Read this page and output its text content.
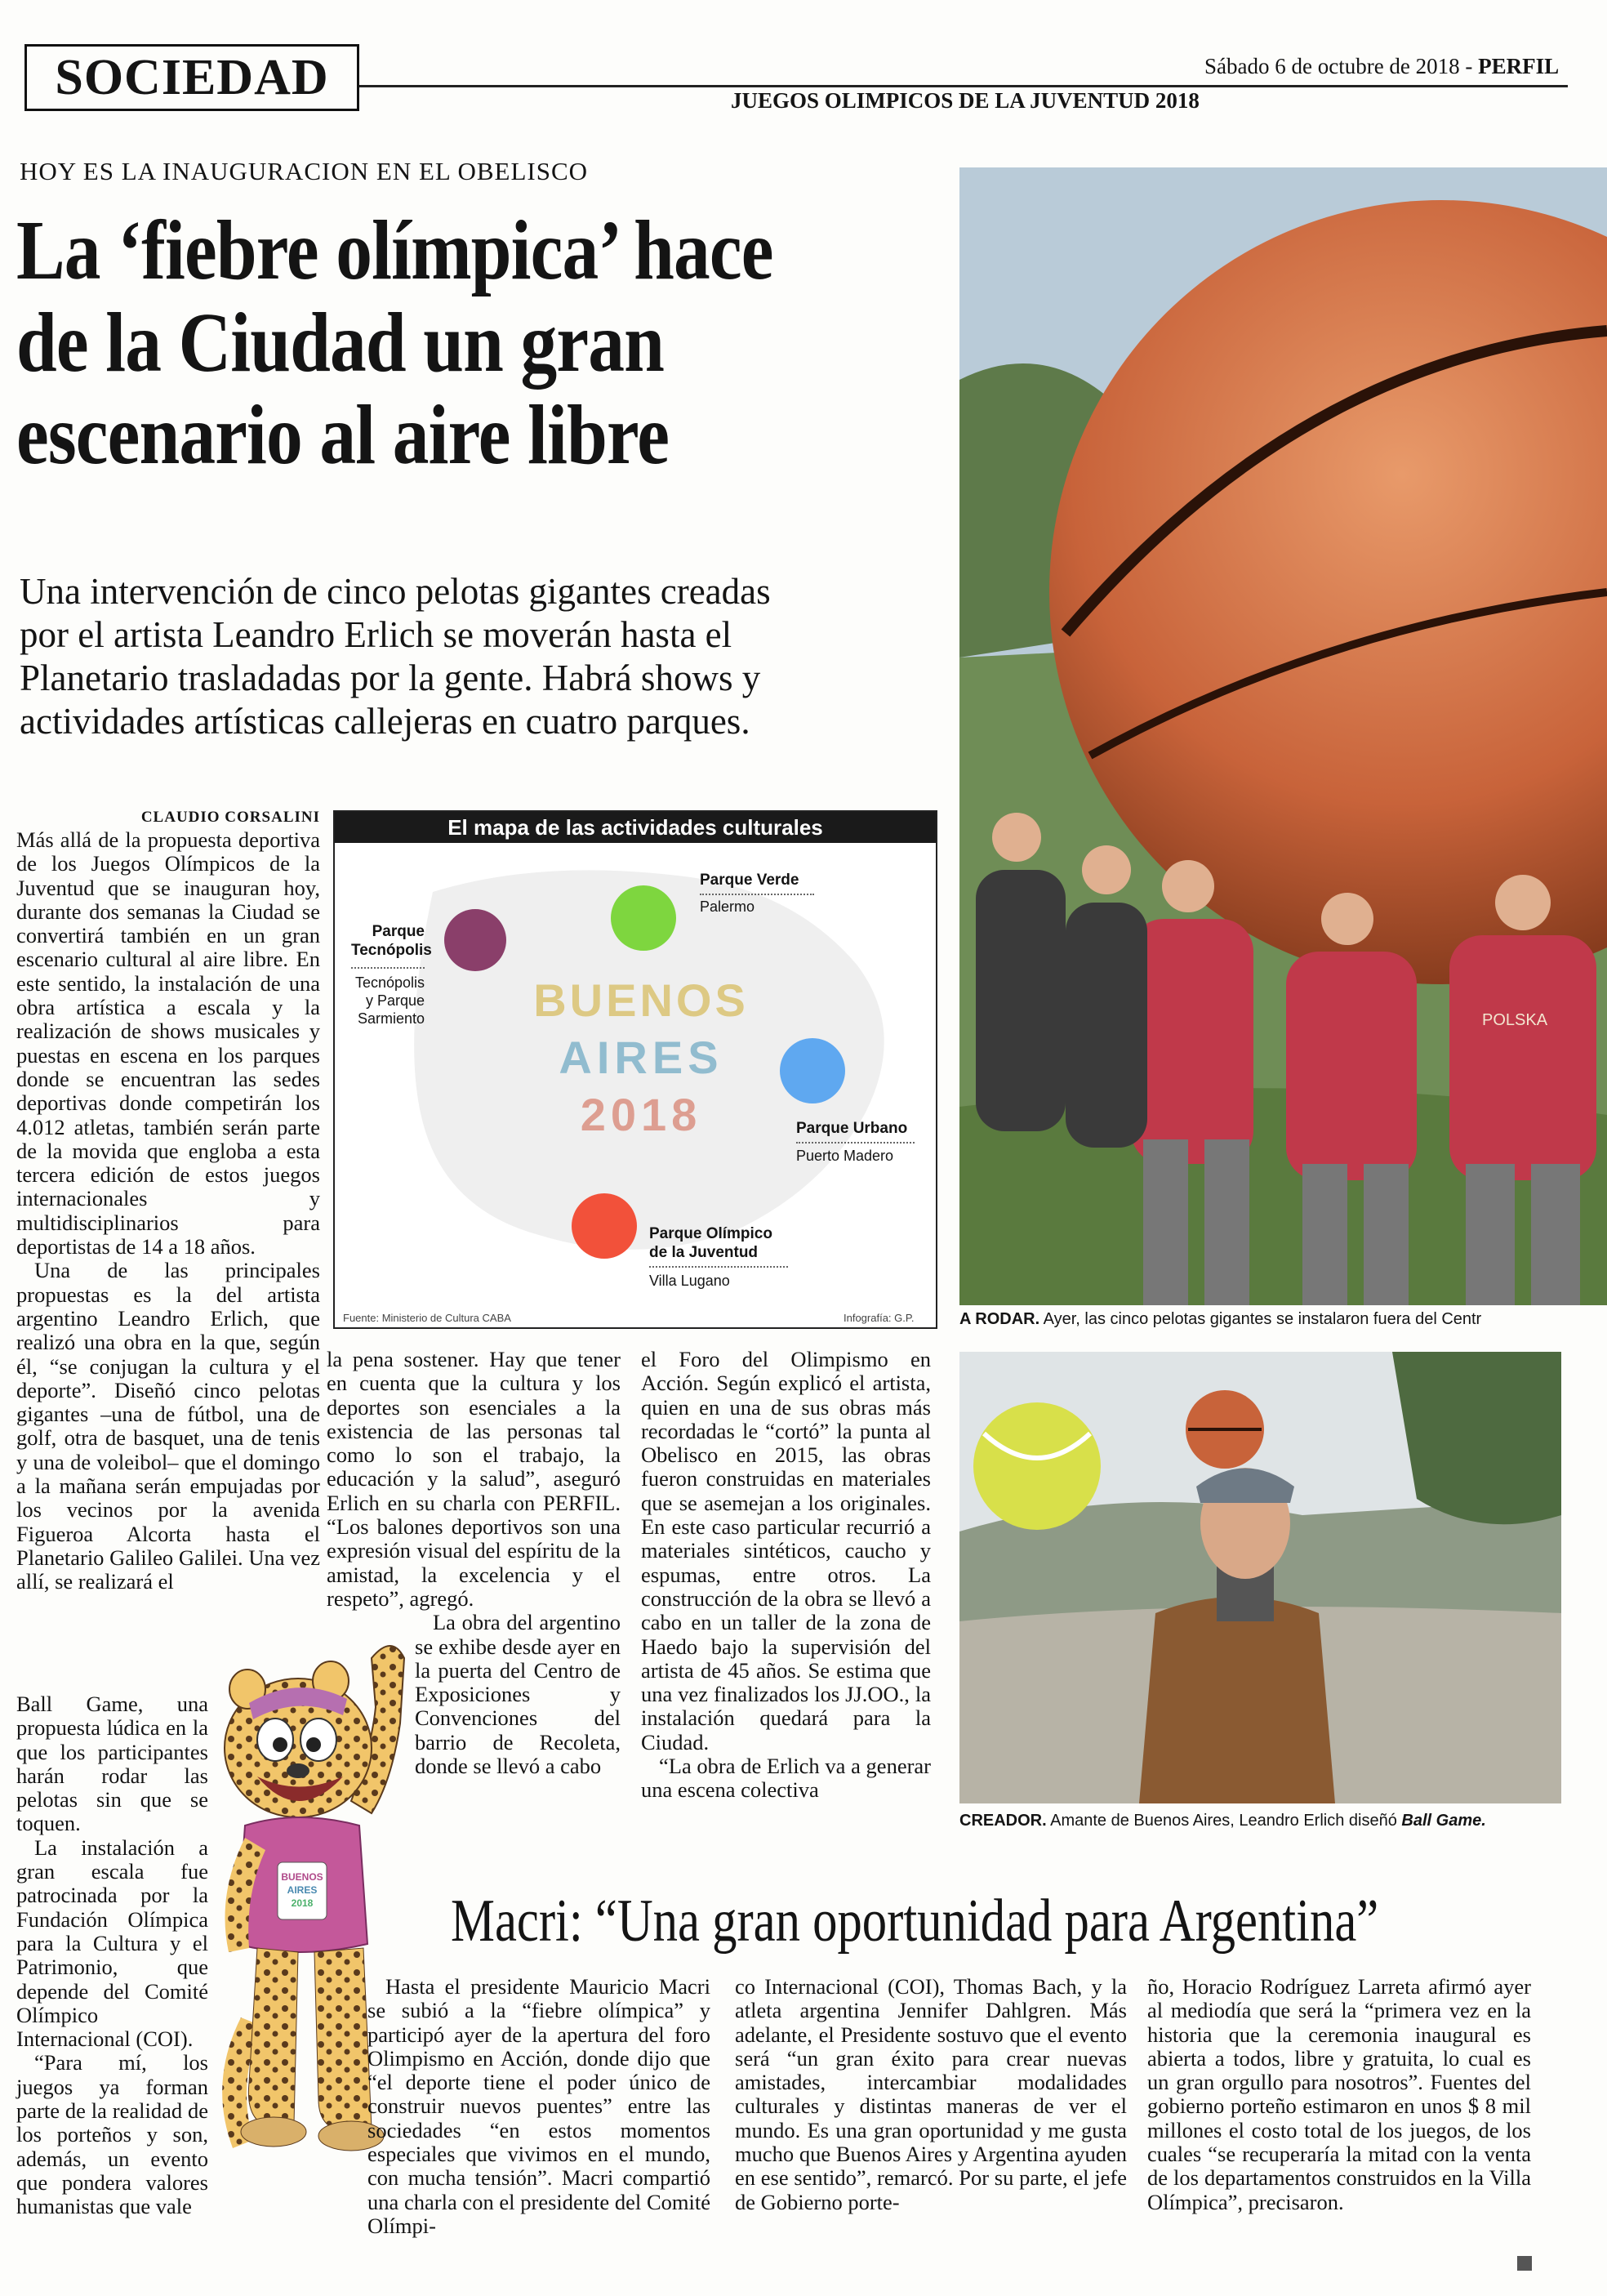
SOCIEDAD	Sábado 6 de octubre de 2018 - PERFIL
JUEGOS OLIMPICOS DE LA JUVENTUD 2018
HOY ES LA INAUGURACION EN EL OBELISCO
La ‘fiebre olímpica’ hace
de la Ciudad un gran
escenario al aire libre
Una intervención de cinco pelotas gigantes creadas
por el artista Leandro Erlich se moverán hasta el
Planetario trasladadas por la gente. Habrá shows y
actividades artísticas callejeras en cuatro parques.
CLAUDIO CORSALINI

Más allá de la propuesta deportiva de los Juegos Olímpicos de la Juventud que se inauguran hoy, durante dos semanas la Ciudad se convertirá también en un gran escenario cultural al aire libre. En este sentido, la instalación de una obra artística a escala y la realización de shows musicales y puestas en escena en los parques donde se encuentran las sedes deportivas donde competirán los 4.012 atletas, también serán parte de la movida que engloba a esta tercera edición de estos juegos internacionales y multidisciplinarios para deportistas de 14 a 18 años.

Una de las principales propuestas es la del artista argentino Leandro Erlich, que realizó una obra en la que, según él, “se conjugan la cultura y el deporte”. Diseñó cinco pelotas gigantes –una de fútbol, una de golf, otra de basquet, una de tenis y una de voleibol– que el domingo a la mañana serán empujadas por los vecinos por la avenida Figueroa Alcorta hasta el Planetario Galileo Galilei. Una vez allí, se realizará el

Ball Game, una propuesta lúdica en la que los participantes harán rodar las pelotas sin que se toquen.

La instalación a gran escala fue patrocinada por la Fundación Olímpica para la Cultura y el Patrimonio, que depende del Comité Olímpico Internacional (COI).

“Para mí, los juegos ya forman parte de la realidad de los porteños y son, además, un evento que pondera valores humanistas que vale

BUENOS
AIRES
2018
El mapa de las actividades culturales
BUENOS
AIRES
2018
Parque
Tecnópolis
Tecnópolis
y Parque
Sarmiento
Parque Verde
Palermo
Parque Urbano
Puerto Madero
Parque Olímpico
de la Juventud
Villa Lugano
Fuente: Ministerio de Cultura CABA	Infografía: G.P.

la pena sostener. Hay que tener en cuenta que la cultura y los deportes son esenciales a la existencia de las personas tal como lo son el trabajo, la educación y la salud”, aseguró Erlich en su charla con PERFIL. “Los balones deportivos son una expresión visual del espíritu de la amistad, la excelencia y el respeto”, agregó.

La obra del argentino se exhibe desde ayer en la puerta del Centro de Exposiciones y Convenciones del barrio de Recoleta, donde se llevó a cabo

el Foro del Olimpismo en Acción. Según explicó el artista, quien en una de sus obras más recordadas le “cortó” la punta al Obelisco en 2015, las obras fueron construidas en materiales que se asemejan a los originales. En este caso particular recurrió a materiales sintéticos, caucho y espumas, entre otros. La construcción de la obra se llevó a cabo en un taller de la zona de Haedo bajo la supervisión del artista de 45 años. Se estima que una vez finalizados los JJ.OO., la instalación quedará para la Ciudad.

“La obra de Erlich va a generar una escena colectiva

POLSKA
A RODAR. Ayer, las cinco pelotas gigantes se instalaron fuera del Centr
CREADOR. Amante de Buenos Aires, Leandro Erlich diseñó Ball Game.
Macri: “Una gran oportunidad para Argentina”

Hasta el presidente Mauricio Macri se subió a la “fiebre olímpica” y participó ayer de la apertura del foro Olimpismo en Acción, donde dijo que “el deporte tiene el poder único de construir nuevos puentes” entre las sociedades “en estos momentos especiales que vivimos en el mundo, con mucha tensión”. Macri compartió una charla con el presidente del Comité Olímpi-

co Internacional (COI), Thomas Bach, y la atleta argentina Jennifer Dahlgren. Más adelante, el Presidente sostuvo que el evento será “un gran éxito para crear nuevas amistades, intercambiar modalidades culturales y distintas maneras de ver el mundo. Es una gran oportunidad y me gusta mucho que Buenos Aires y Argentina ayuden en ese sentido”, remarcó. Por su parte, el jefe de Gobierno porte-

ño, Horacio Rodríguez Larreta afirmó ayer al mediodía que será la “primera vez en la historia que la ceremonia inaugural es abierta a todos, libre y gratuita, lo cual es un gran orgullo para nosotros”. Fuentes del gobierno porteño estimaron en unos $ 8 mil millones el costo total de los juegos, de los cuales “se recuperaría la mitad con la venta de los departamentos construidos en la Villa Olímpica”, precisaron.
